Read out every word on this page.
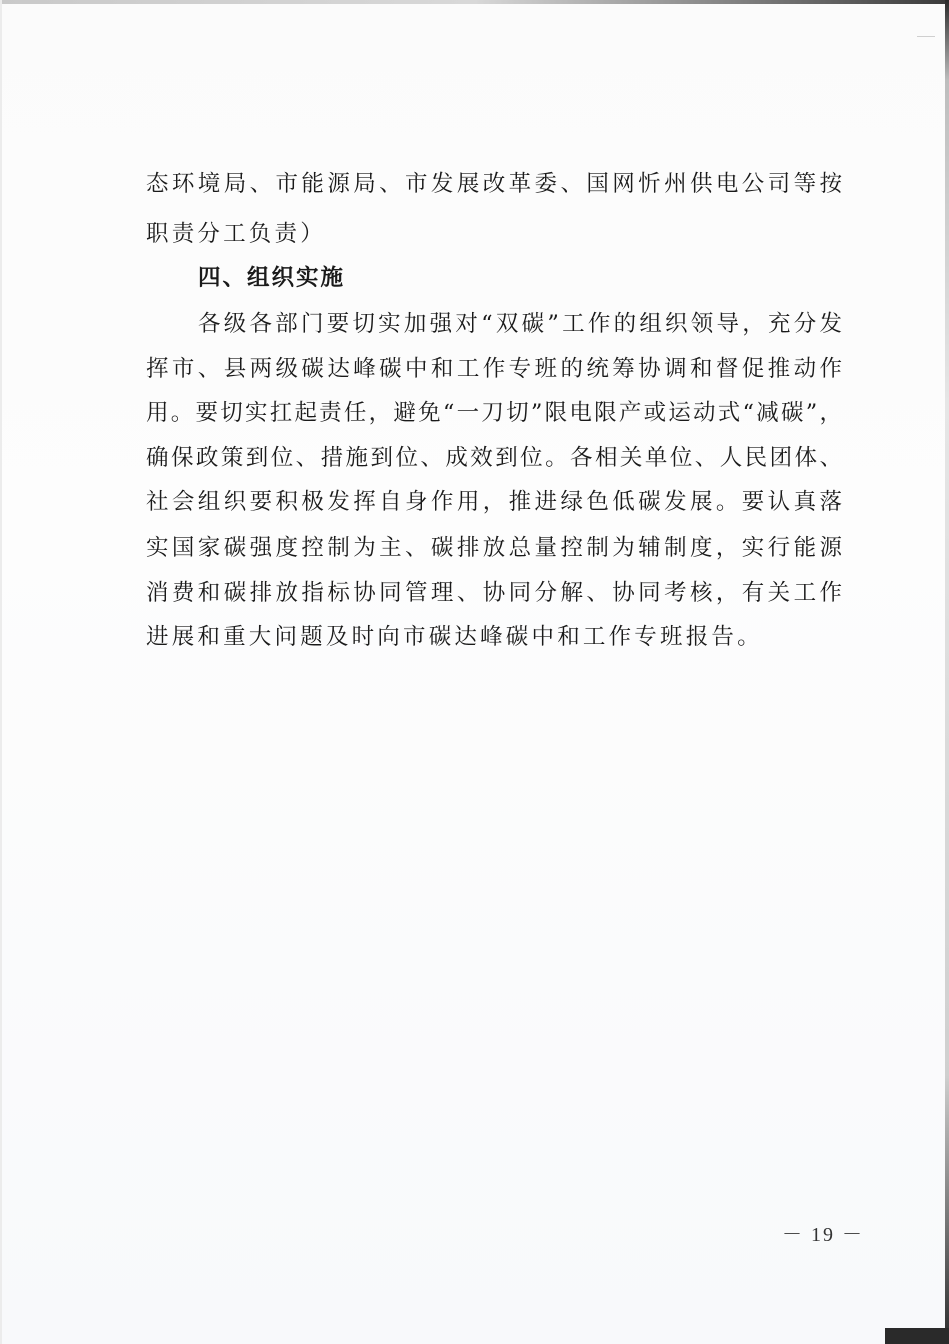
态环境局、市能源局、市发展改革委、国网忻州供电公司等按
职责分工负责）
四、组织实施
各级各部门要切实加强对“双碳”工作的组织领导，充分发
挥市、县两级碳达峰碳中和工作专班的统筹协调和督促推动作
用。要切实扛起责任，避免“一刀切”限电限产或运动式“减碳”，
确保政策到位、措施到位、成效到位。各相关单位、人民团体、
社会组织要积极发挥自身作用，推进绿色低碳发展。要认真落
实国家碳强度控制为主、碳排放总量控制为辅制度，实行能源
消费和碳排放指标协同管理、协同分解、协同考核，有关工作
进展和重大问题及时向市碳达峰碳中和工作专班报告。
－ 19 －
